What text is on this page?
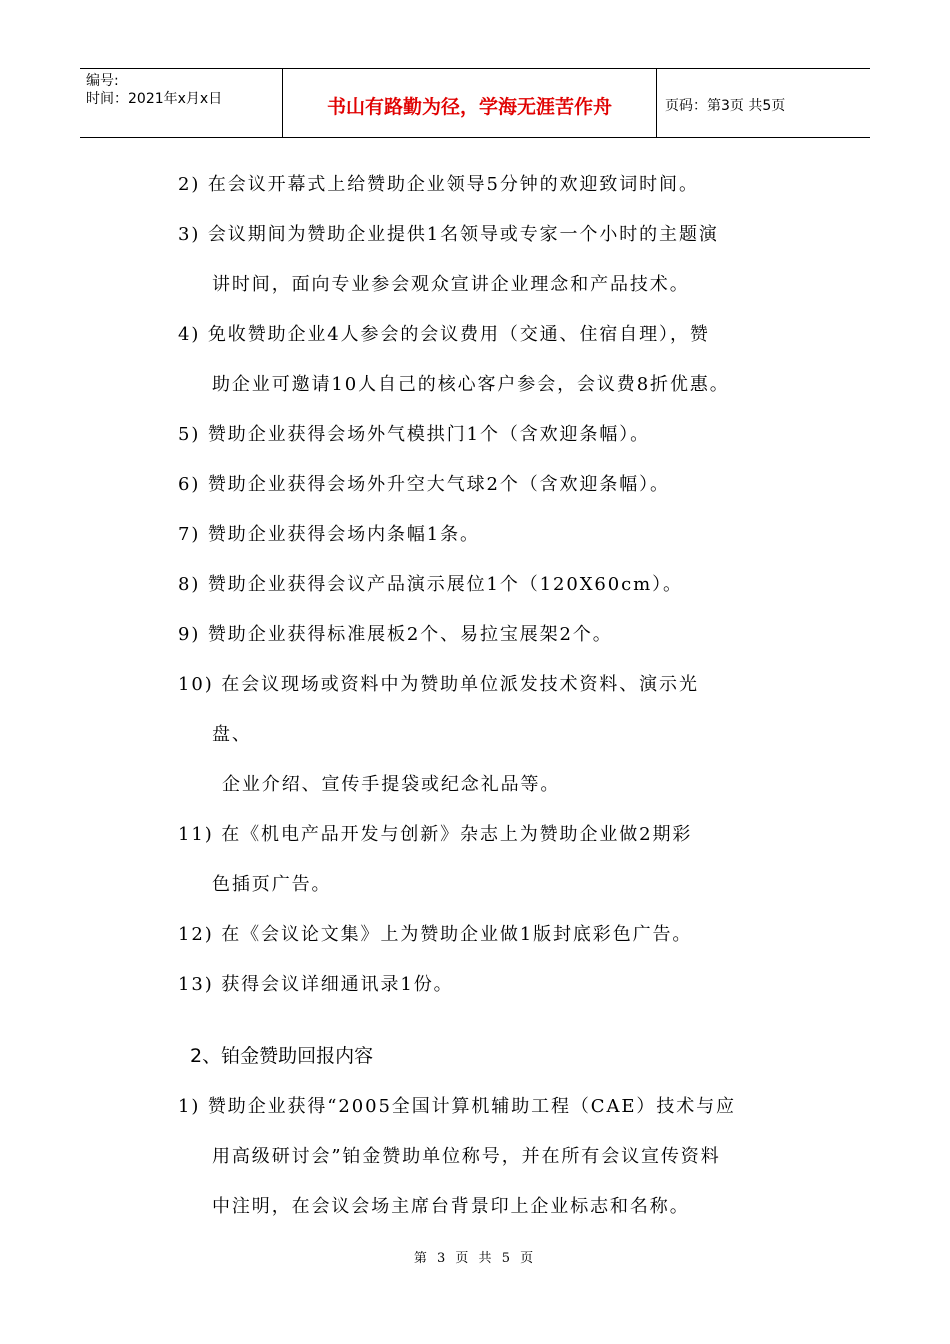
编号:
时间：2021年x月x日	书山有路勤为径，学海无涯苦作舟	页码：第3页 共5页
2) 在会议开幕式上给赞助企业领导5分钟的欢迎致词时间。
3) 会议期间为赞助企业提供1名领导或专家一个小时的主题演
讲时间，面向专业参会观众宣讲企业理念和产品技术。
4) 免收赞助企业4人参会的会议费用（交通、住宿自理），赞
助企业可邀请10人自己的核心客户参会，会议费8折优惠。
5) 赞助企业获得会场外气模拱门1个（含欢迎条幅）。
6) 赞助企业获得会场外升空大气球2个（含欢迎条幅）。
7) 赞助企业获得会场内条幅1条。
8) 赞助企业获得会议产品演示展位1个（120X60cm）。
9) 赞助企业获得标准展板2个、易拉宝展架2个。
10) 在会议现场或资料中为赞助单位派发技术资料、演示光
盘、
企业介绍、宣传手提袋或纪念礼品等。
11) 在《机电产品开发与创新》杂志上为赞助企业做2期彩
色插页广告。
12) 在《会议论文集》上为赞助企业做1版封底彩色广告。
13) 获得会议详细通讯录1份。
2、铂金赞助回报内容
1) 赞助企业获得“2005全国计算机辅助工程（CAE）技术与应
用高级研讨会”铂金赞助单位称号，并在所有会议宣传资料
中注明，在会议会场主席台背景印上企业标志和名称。
第 3 页 共 5 页
